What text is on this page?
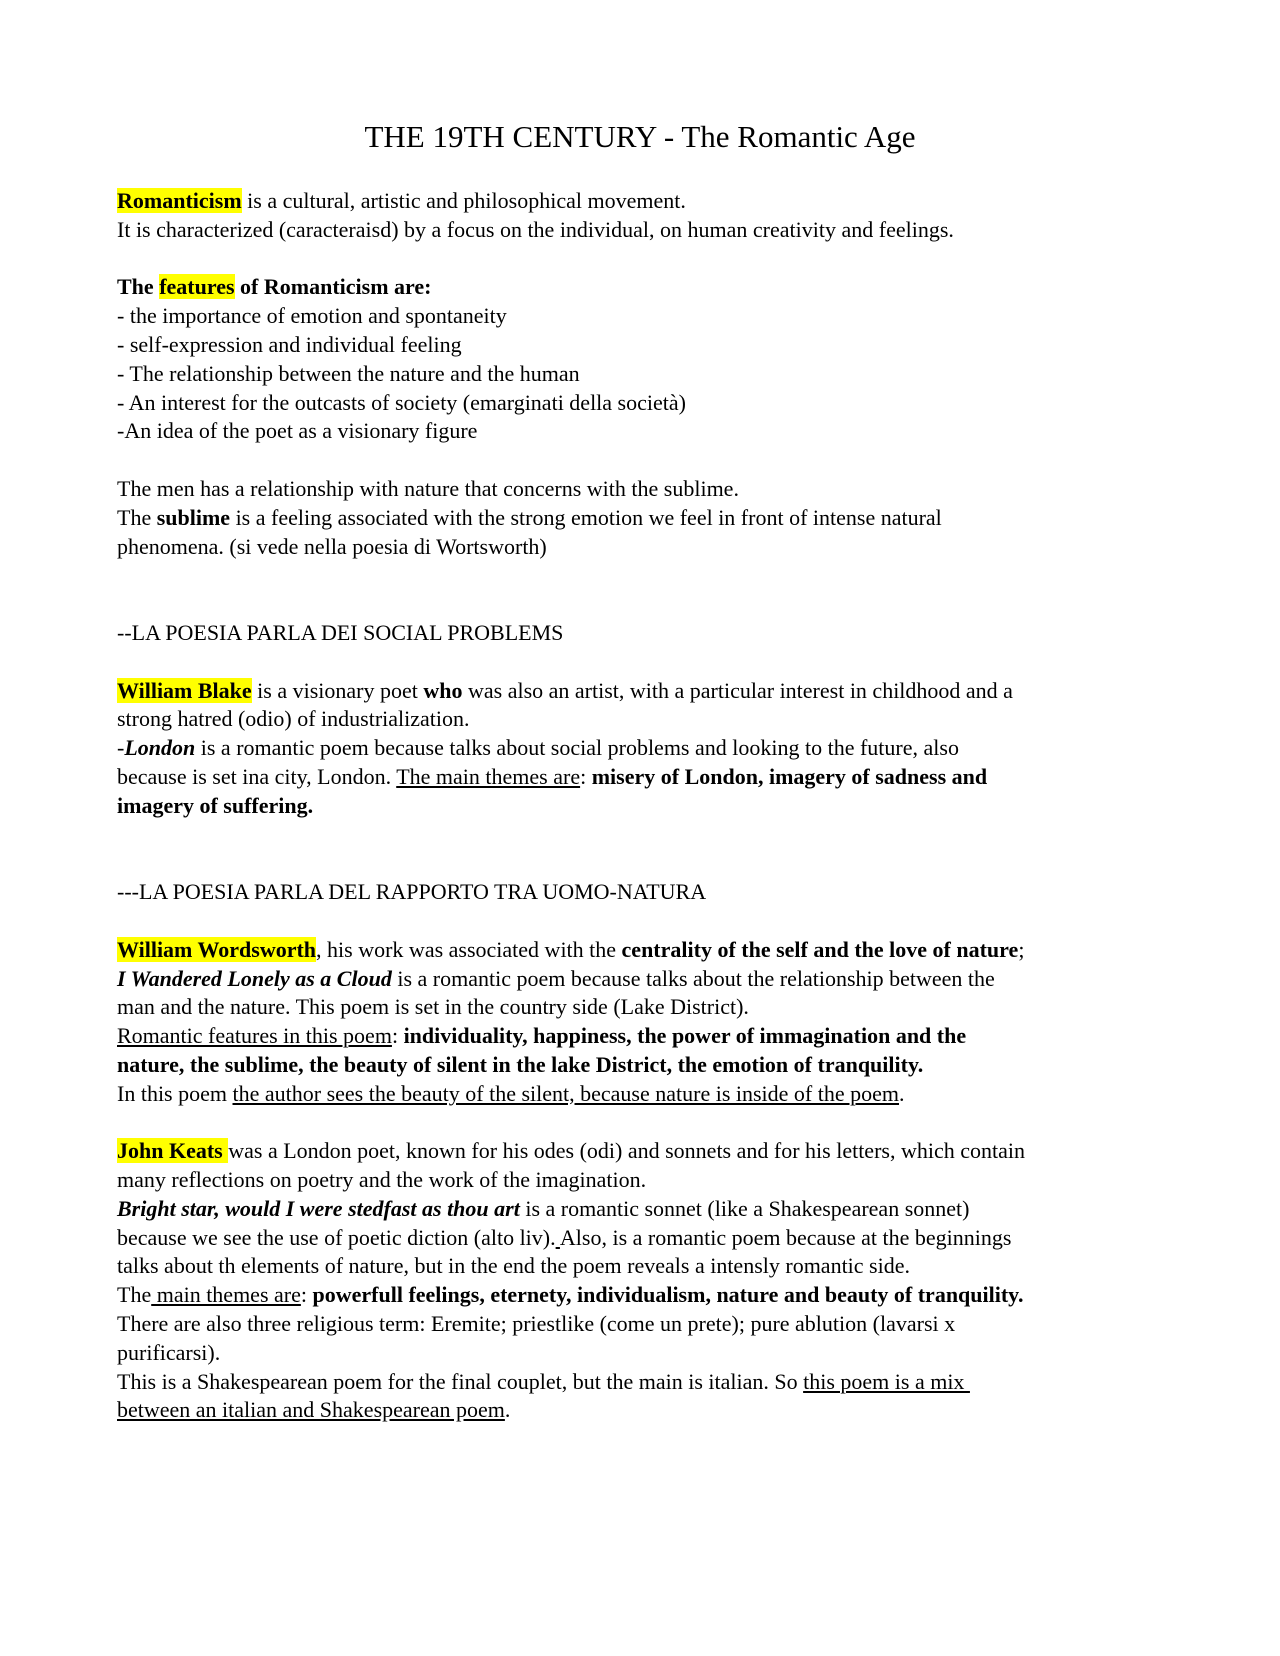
THE 19TH CENTURY - The Romantic Age
Romanticism is a cultural, artistic and philosophical movement.
It is characterized (caracteraisd) by a focus on the individual, on human creativity and feelings.
The features of Romanticism are:
- the importance of emotion and spontaneity
- self-expression and individual feeling
- The relationship between the nature and the human
- An interest for the outcasts of society (emarginati della società)
-An idea of the poet as a visionary figure
The men has a relationship with nature that concerns with the sublime.
The sublime is a feeling associated with the strong emotion we feel in front of intense natural
phenomena. (si vede nella poesia di Wortsworth)
--LA POESIA PARLA DEI SOCIAL PROBLEMS
William Blake is a visionary poet who was also an artist, with a particular interest in childhood and a
strong hatred (odio) of industrialization.
-London is a romantic poem because talks about social problems and looking to the future, also
because is set ina city, London. The main themes are: misery of London, imagery of sadness and
imagery of suffering.
---LA POESIA PARLA DEL RAPPORTO TRA UOMO-NATURA
William Wordsworth, his work was associated with the centrality of the self and the love of nature;
I Wandered Lonely as a Cloud is a romantic poem because talks about the relationship between the
man and the nature. This poem is set in the country side (Lake District).
Romantic features in this poem: individuality, happiness, the power of immagination and the
nature, the sublime, the beauty of silent in the lake District, the emotion of tranquility.
In this poem the author sees the beauty of the silent, because nature is inside of the poem.
John Keats was a London poet, known for his odes (odi) and sonnets and for his letters, which contain
many reflections on poetry and the work of the imagination.
Bright star, would I were stedfast as thou art is a romantic sonnet (like a Shakespearean sonnet)
because we see the use of poetic diction (alto liv). Also, is a romantic poem because at the beginnings
talks about th elements of nature, but in the end the poem reveals a intensly romantic side.
The main themes are: powerfull feelings, eternety, individualism, nature and beauty of tranquility.
There are also three religious term: Eremite; priestlike (come un prete); pure ablution (lavarsi x
purificarsi).
This is a Shakespearean poem for the final couplet, but the main is italian. So this poem is a mix
between an italian and Shakespearean poem.
